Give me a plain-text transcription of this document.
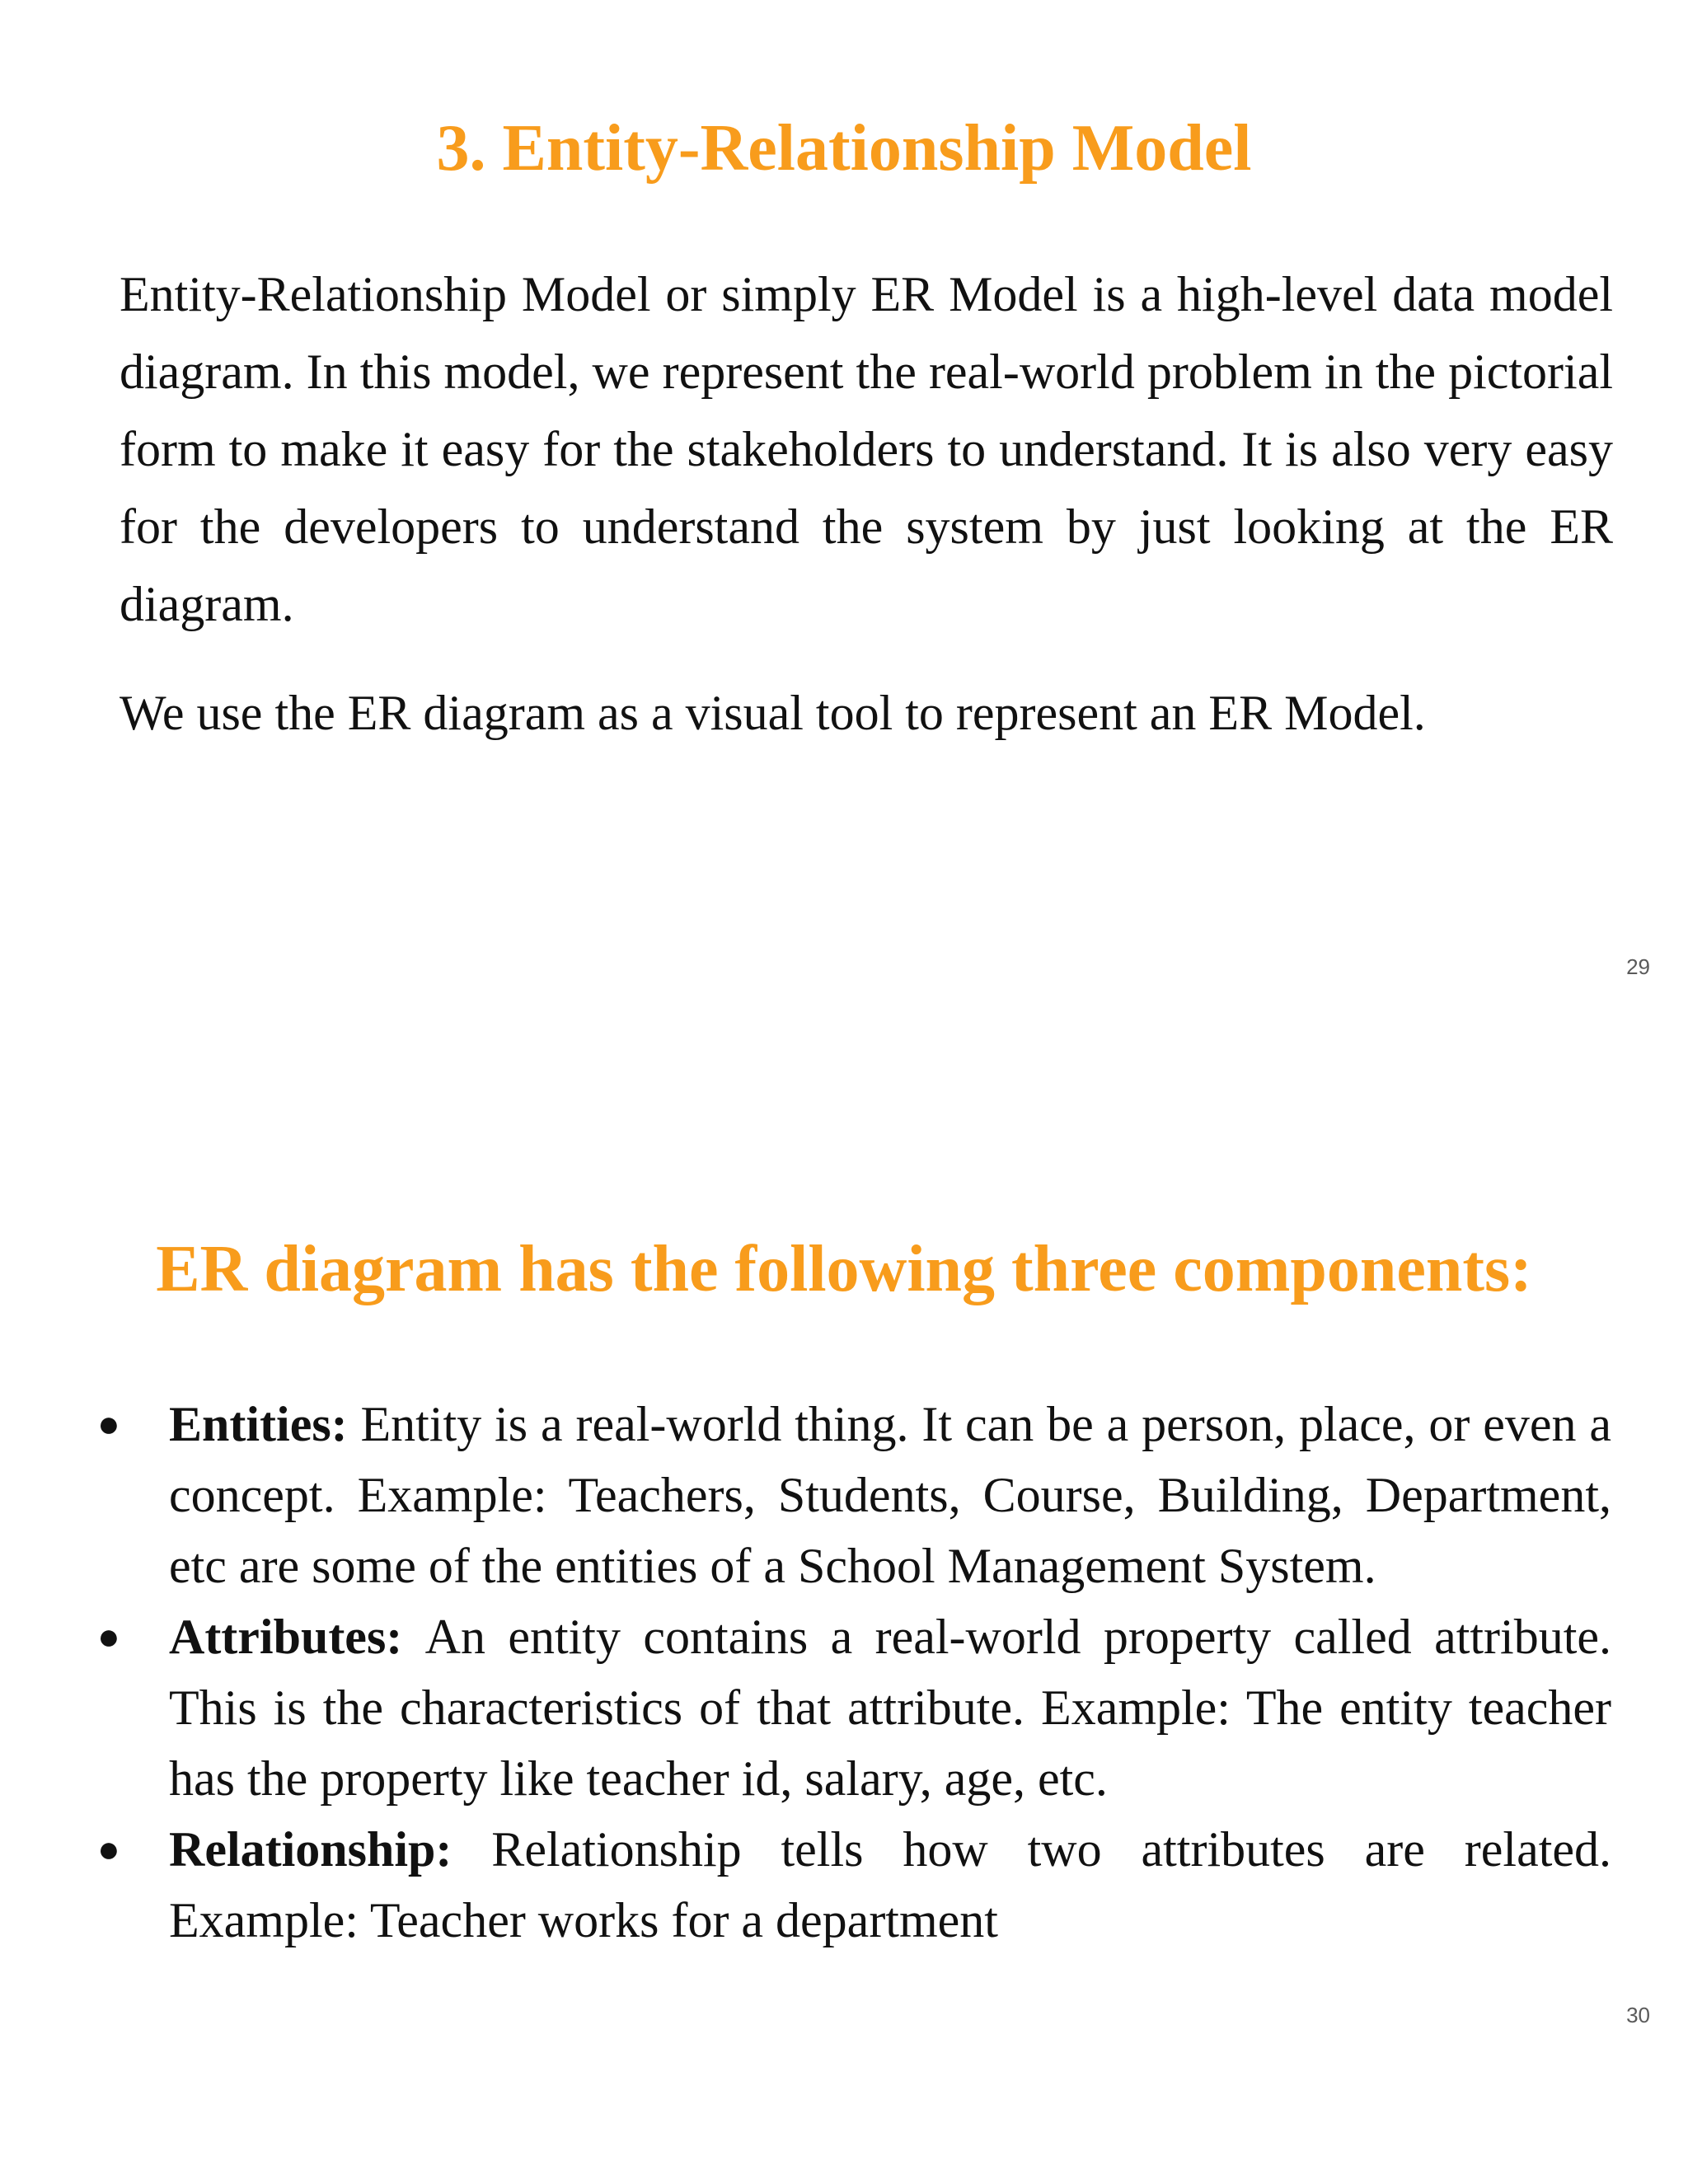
3. Entity-Relationship Model

Entity-Relationship Model or simply ER Model is a high-level data model diagram. In this model, we represent the real-world problem in the pictorial form to make it easy for the stakeholders to understand. It is also very easy for the developers to understand the system by just looking at the ER diagram.

We use the ER diagram as a visual tool to represent an ER Model.

29
ER diagram has the following three components:
● Entities: Entity is a real-world thing. It can be a person, place, or even a concept. Example: Teachers, Students, Course, Building, Department, etc are some of the entities of a School Management System.
● Attributes: An entity contains a real-world property called attribute. This is the characteristics of that attribute. Example: The entity teacher has the property like teacher id, salary, age, etc.
● Relationship: Relationship tells how two attributes are related. Example: Teacher works for a department
30
